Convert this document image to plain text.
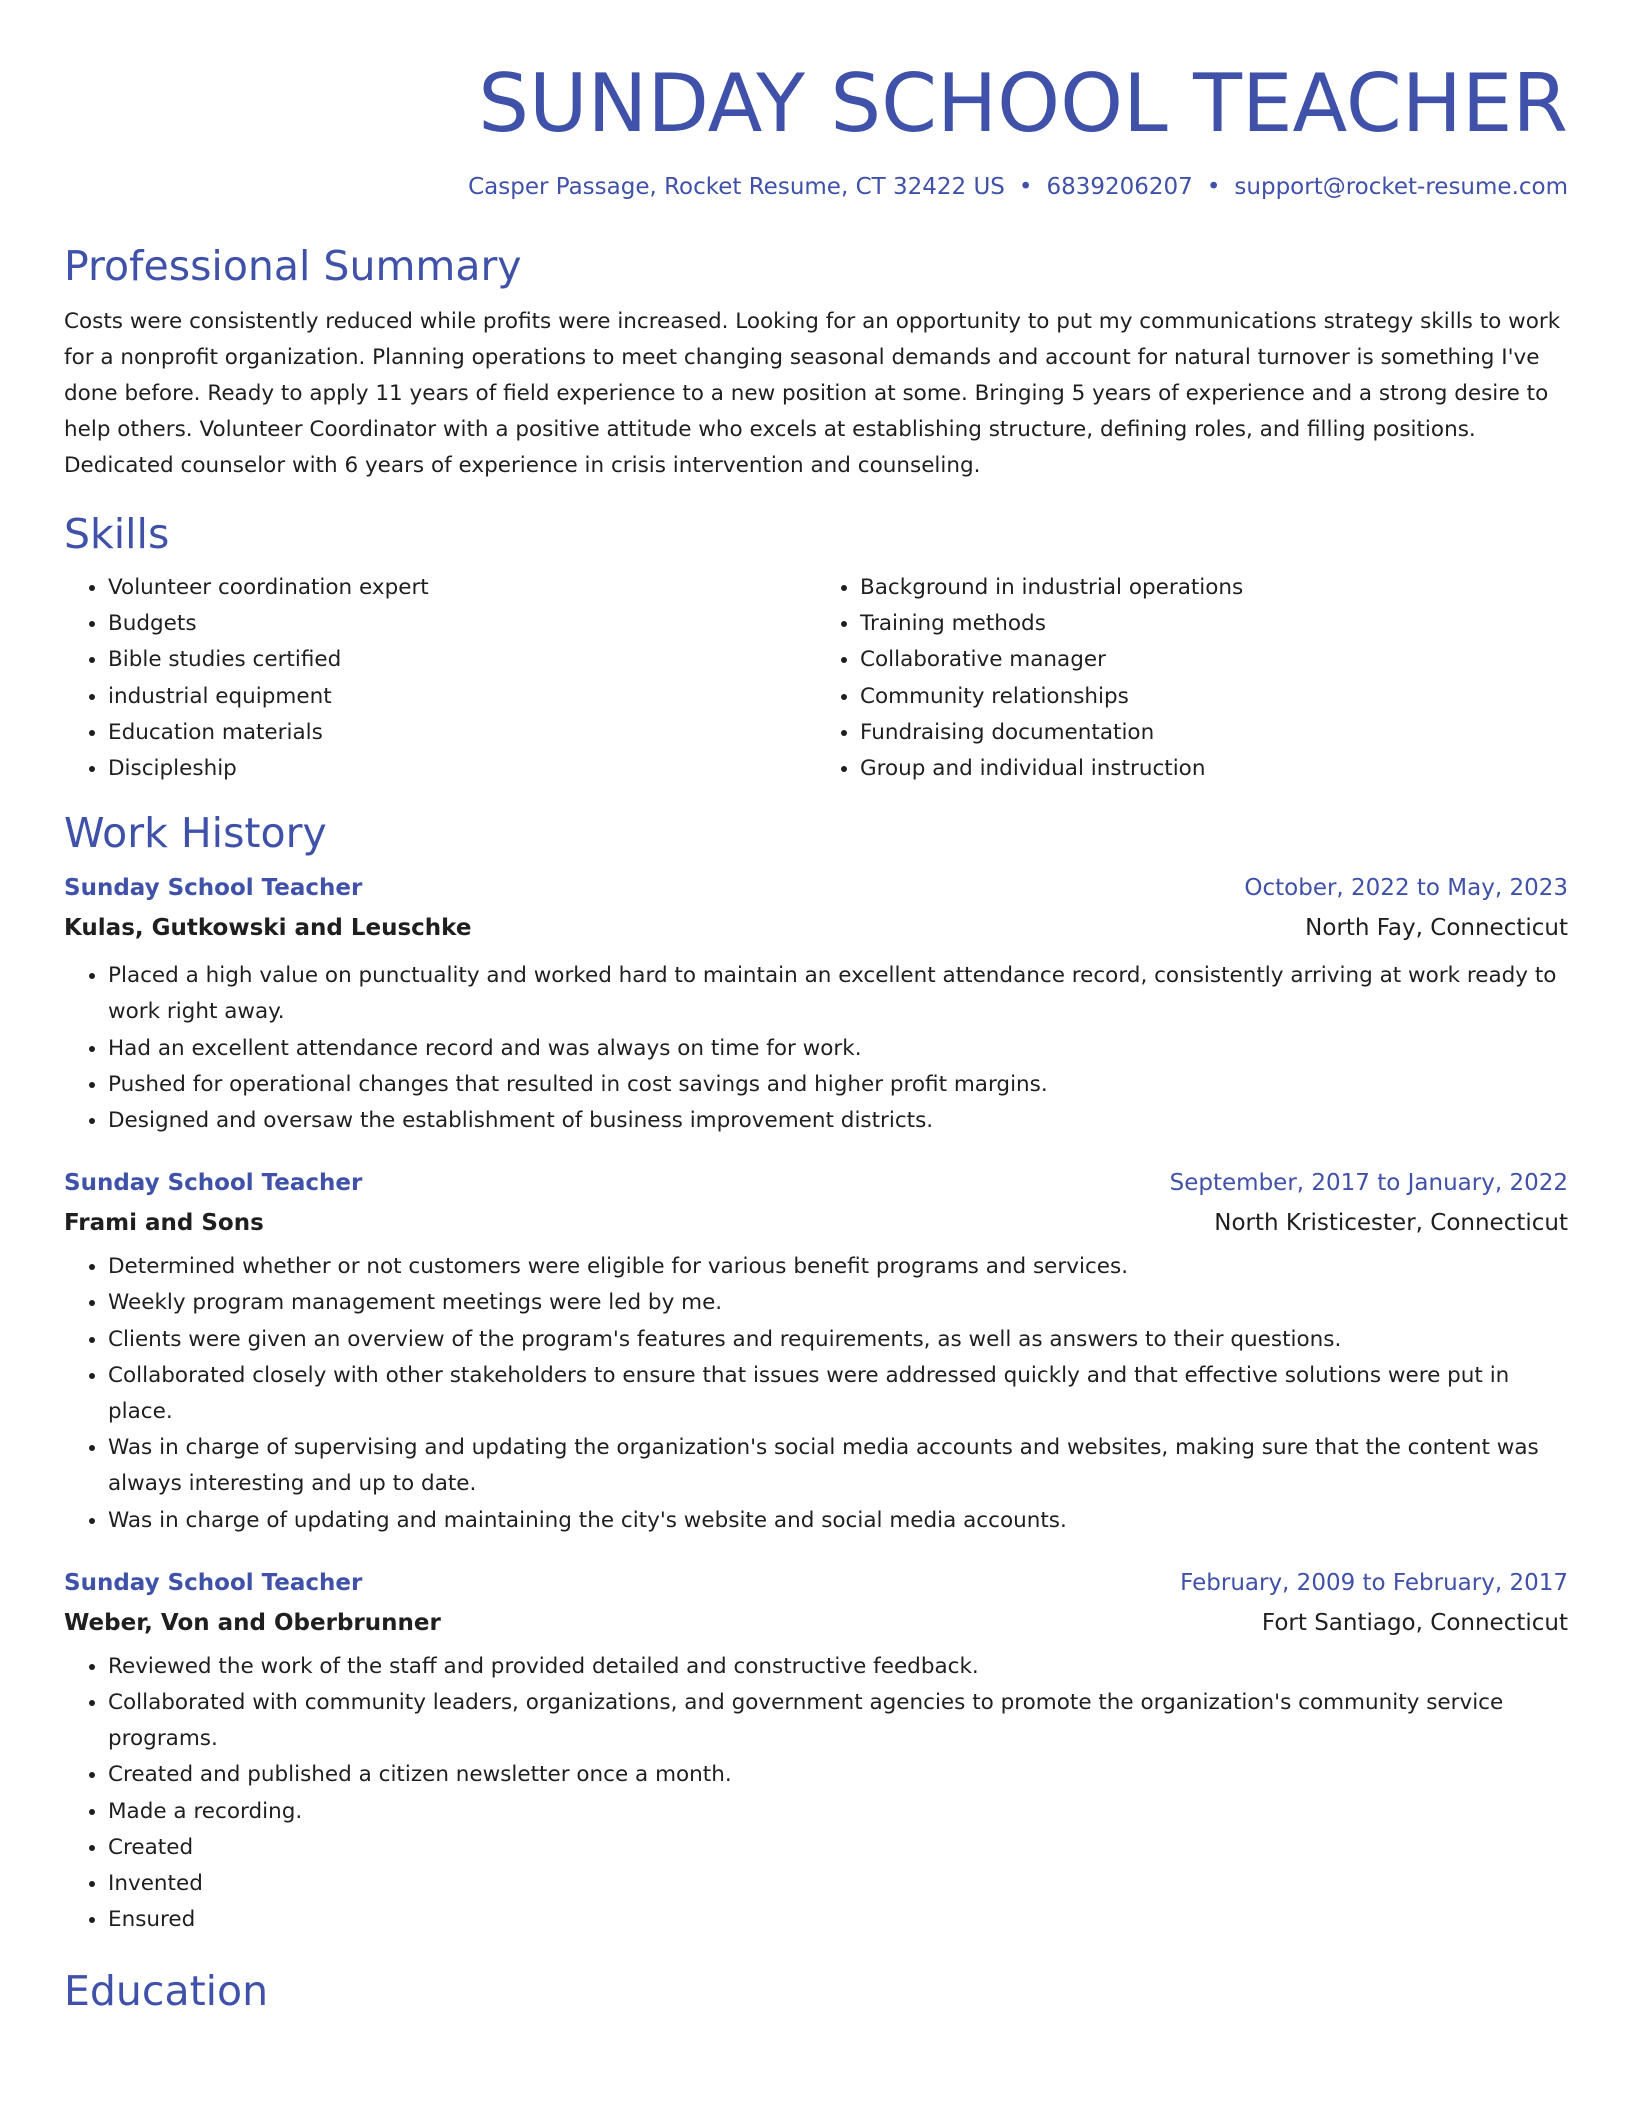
SUNDAY SCHOOL TEACHER
Casper Passage, Rocket Resume, CT 32422 US • 6839206207 • support@rocket-resume.com
Professional Summary

Costs were consistently reduced while profits were increased. Looking for an opportunity to put my communications strategy skills to work for a nonprofit organization. Planning operations to meet changing seasonal demands and account for natural turnover is something I've done before. Ready to apply 11 years of field experience to a new position at some. Bringing 5 years of experience and a strong desire to help others. Volunteer Coordinator with a positive attitude who excels at establishing structure, defining roles, and filling positions. Dedicated counselor with 6 years of experience in crisis intervention and counseling.

Skills
• Volunteer coordination expert
• Budgets
• Bible studies certified
• industrial equipment
• Education materials
• Discipleship
• Background in industrial operations
• Training methods
• Collaborative manager
• Community relationships
• Fundraising documentation
• Group and individual instruction
Work History
Sunday School Teacher	October, 2022 to May, 2023
Kulas, Gutkowski and Leuschke	North Fay, Connecticut
• Placed a high value on punctuality and worked hard to maintain an excellent attendance record, consistently arriving at work ready to work right away.
• Had an excellent attendance record and was always on time for work.
• Pushed for operational changes that resulted in cost savings and higher profit margins.
• Designed and oversaw the establishment of business improvement districts.
Sunday School Teacher	September, 2017 to January, 2022
Frami and Sons	North Kristicester, Connecticut
• Determined whether or not customers were eligible for various benefit programs and services.
• Weekly program management meetings were led by me.
• Clients were given an overview of the program's features and requirements, as well as answers to their questions.
• Collaborated closely with other stakeholders to ensure that issues were addressed quickly and that effective solutions were put in place.
• Was in charge of supervising and updating the organization's social media accounts and websites, making sure that the content was always interesting and up to date.
• Was in charge of updating and maintaining the city's website and social media accounts.
Sunday School Teacher	February, 2009 to February, 2017
Weber, Von and Oberbrunner	Fort Santiago, Connecticut
• Reviewed the work of the staff and provided detailed and constructive feedback.
• Collaborated with community leaders, organizations, and government agencies to promote the organization's community service programs.
• Created and published a citizen newsletter once a month.
• Made a recording.
• Created
• Invented
• Ensured
Education
